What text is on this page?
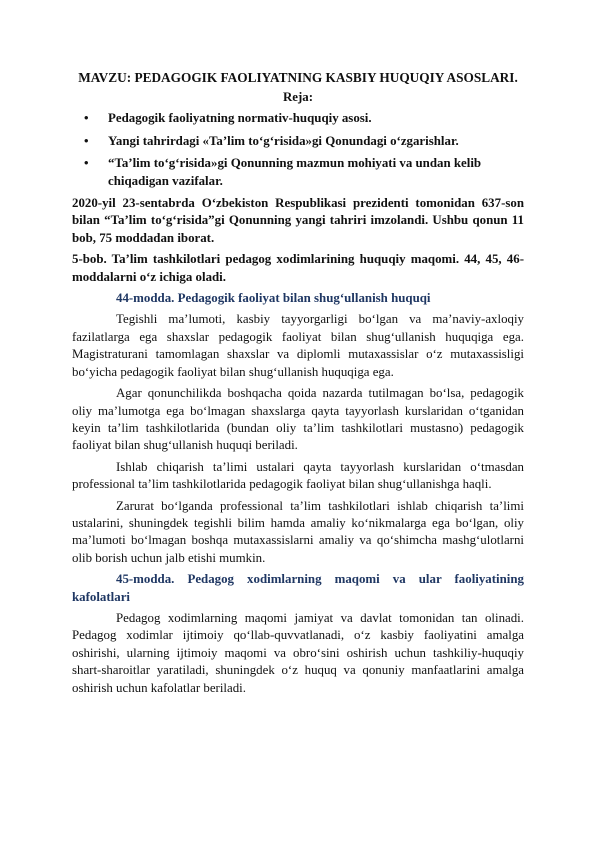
MAVZU: PEDAGOGIK FAOLIYATNING KASBIY HUQUQIY ASOSLARI.
Reja:
• Pedagogik faoliyatning normativ-huquqiy asosi.
• Yangi tahrirdagi «Ta’lim to‘g‘risida»gi Qonundagi o‘zgarishlar.
• “Ta’lim to‘g‘risida»gi Qonunning mazmun mohiyati va undan kelib chiqadigan vazifalar.

2020-yil 23-sentabrda O‘zbekiston Respublikasi prezidenti tomonidan 637-son bilan “Ta’lim to‘g‘risida”gi Qonunning yangi tahriri imzolandi. Ushbu qonun 11 bob, 75 moddadan iborat.

5-bob. Ta’lim tashkilotlari pedagog xodimlarining huquqiy maqomi. 44, 45, 46-moddalarni o‘z ichiga oladi.

44-modda. Pedagogik faoliyat bilan shug‘ullanish huquqi

Tegishli ma’lumoti, kasbiy tayyorgarligi bo‘lgan va ma’naviy-axloqiy fazilatlarga ega shaxslar pedagogik faoliyat bilan shug‘ullanish huquqiga ega. Magistraturani tamomlagan shaxslar va diplomli mutaxassislar o‘z mutaxassisligi bo‘yicha pedagogik faoliyat bilan shug‘ullanish huquqiga ega.

Agar qonunchilikda boshqacha qoida nazarda tutilmagan bo‘lsa, pedagogik oliy ma’lumotga ega bo‘lmagan shaxslarga qayta tayyorlash kurslaridan o‘tganidan keyin ta’lim tashkilotlarida (bundan oliy ta’lim tashkilotlari mustasno) pedagogik faoliyat bilan shug‘ullanish huquqi beriladi.

Ishlab chiqarish ta’limi ustalari qayta tayyorlash kurslaridan o‘tmasdan professional ta’lim tashkilotlarida pedagogik faoliyat bilan shug‘ullanishga haqli.

Zarurat bo‘lganda professional ta’lim tashkilotlari ishlab chiqarish ta’limi ustalarini, shuningdek tegishli bilim hamda amaliy ko‘nikmalarga ega bo‘lgan, oliy ma’lumoti bo‘lmagan boshqa mutaxassislarni amaliy va qo‘shimcha mashg‘ulotlarni olib borish uchun jalb etishi mumkin.

45-modda. Pedagog xodimlarning maqomi va ular faoliyatining kafolatlari

Pedagog xodimlarning maqomi jamiyat va davlat tomonidan tan olinadi. Pedagog xodimlar ijtimoiy qo‘llab-quvvatlanadi, o‘z kasbiy faoliyatini amalga oshirishi, ularning ijtimoiy maqomi va obro‘sini oshirish uchun tashkiliy-huquqiy shart-sharoitlar yaratiladi, shuningdek o‘z huquq va qonuniy manfaatlarini amalga oshirish uchun kafolatlar beriladi.
